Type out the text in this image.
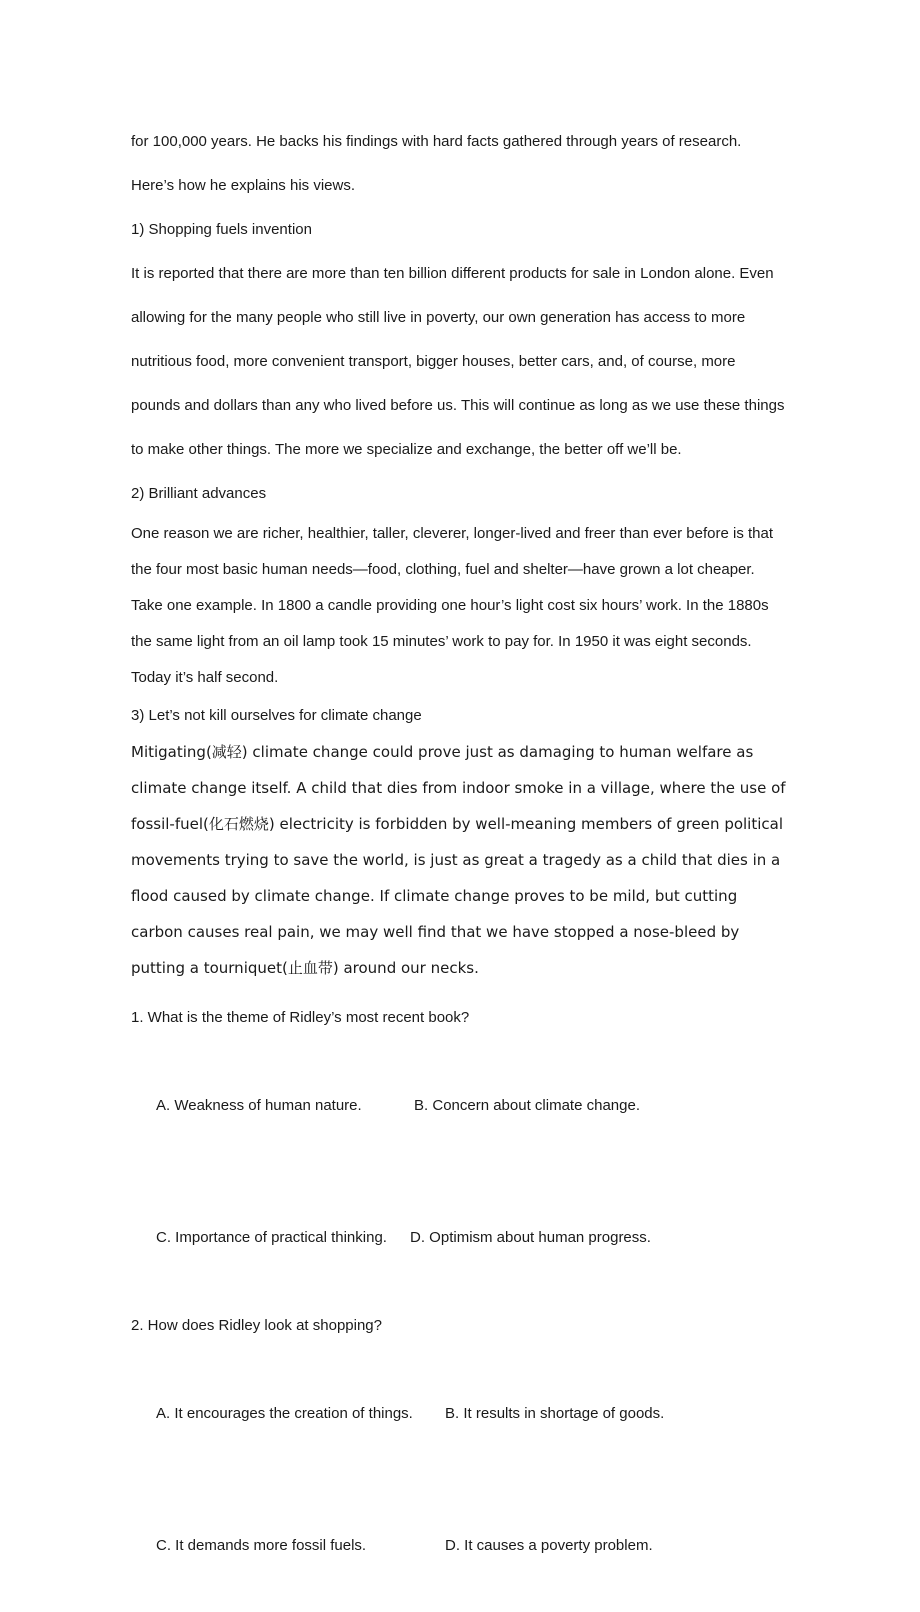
for 100,000 years. He backs his findings with hard facts gathered through years of research.

Here’s how he explains his views.

1) Shopping fuels invention

It is reported that there are more than ten billion different products for sale in London alone. Even allowing for the many people who still live in poverty, our own generation has access to more nutritious food, more convenient transport, bigger houses, better cars, and, of course, more pounds and dollars than any who lived before us. This will continue as long as we use these things to make other things. The more we specialize and exchange, the better off we’ll be.

2) Brilliant advances

One reason we are richer, healthier, taller, cleverer, longer-lived and freer than ever before is that the four most basic human needs—food, clothing, fuel and shelter—have grown a lot cheaper. Take one example. In 1800 a candle providing one hour’s light cost six hours’ work. In the 1880s the same light from an oil lamp took 15 minutes’ work to pay for. In 1950 it was eight seconds. Today it’s half second.

3) Let’s not kill ourselves for climate change

Mitigating(减轻) climate change could prove just as damaging to human welfare as climate change itself. A child that dies from indoor smoke in a village, where the use of fossil-fuel(化石燃烧) electricity is forbidden by well-meaning members of green political movements trying to save the world, is just as great a tragedy as a child that dies in a flood caused by climate change. If climate change proves to be mild, but cutting carbon causes real pain, we may well find that we have stopped a nose-bleed by putting a tourniquet(止血带) around our necks.

1. What is the theme of Ridley’s most recent book?

A. Weakness of human nature.	B. Concern about climate change.

C. Importance of practical thinking. D. Optimism about human progress.

2. How does Ridley look at shopping?

A. It encourages the creation of things. B. It results in shortage of goods.

C. It demands more fossil fuels.	D. It causes a poverty problem.
